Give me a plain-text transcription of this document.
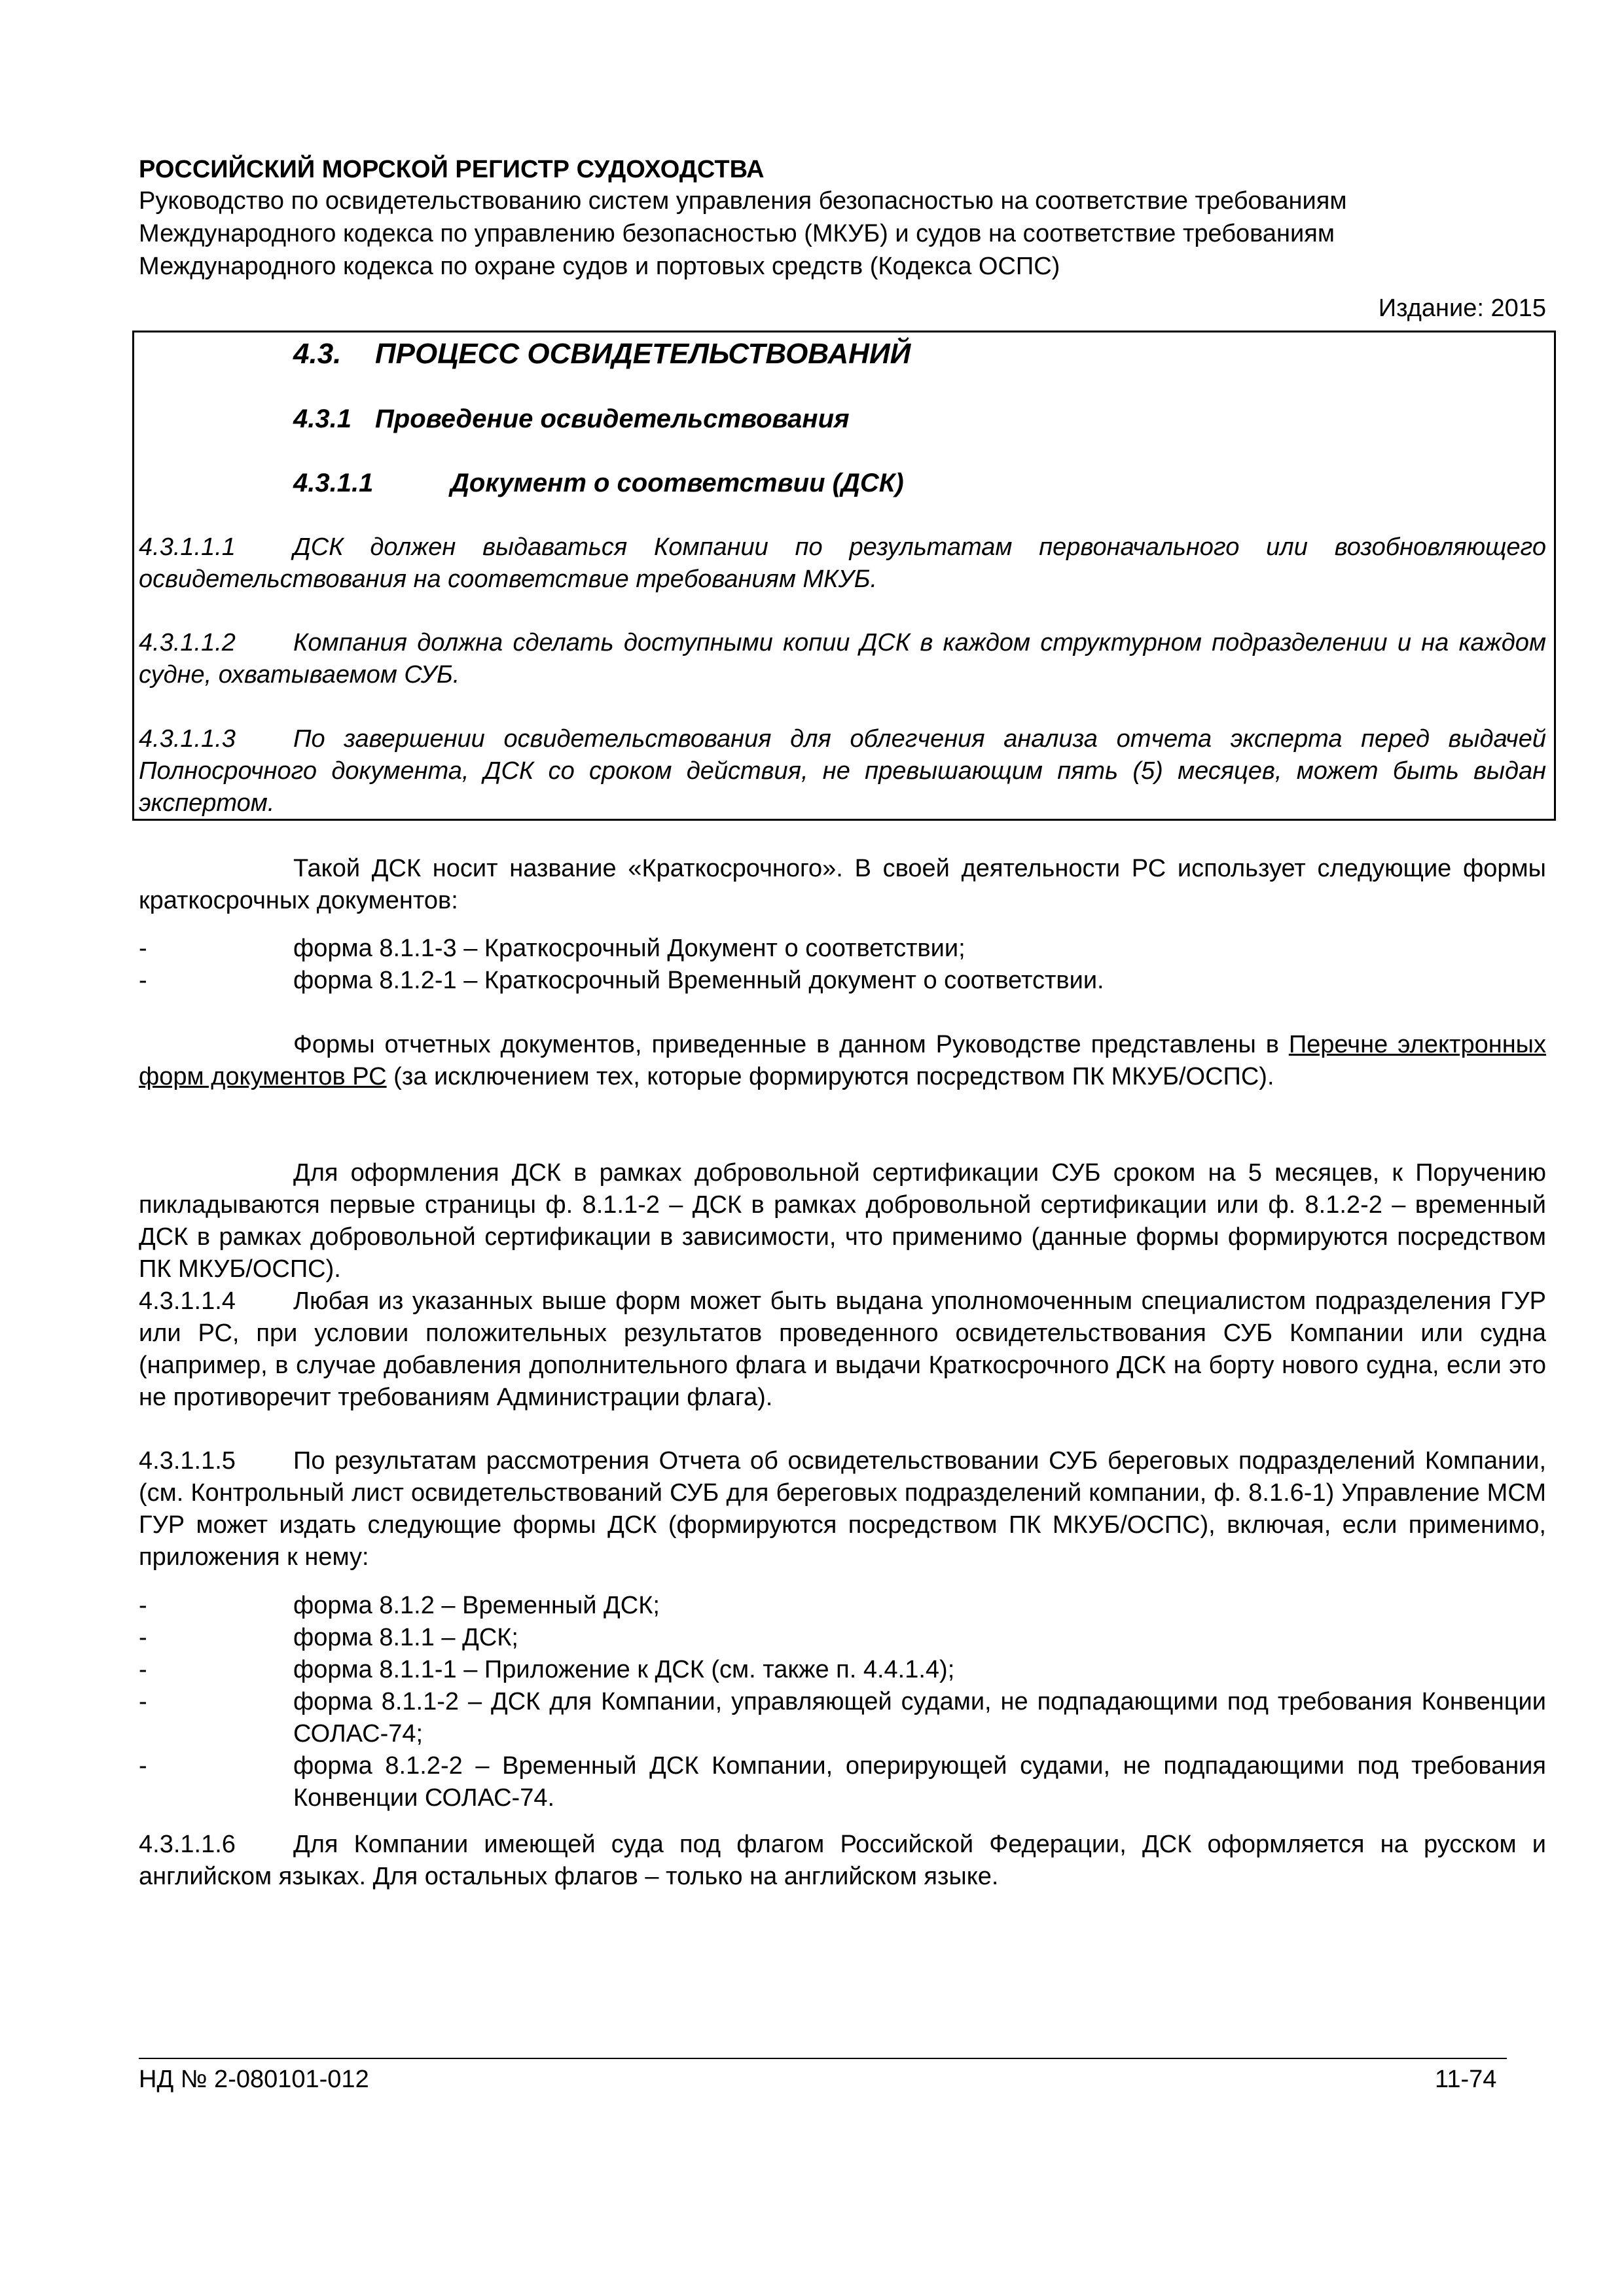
РОССИЙСКИЙ МОРСКОЙ РЕГИСТР СУДОХОДСТВА
Руководство по освидетельствованию систем управления безопасностью на соответствие требованиям
Международного кодекса по управлению безопасностью (МКУБ) и судов на соответствие требованиям
Международного кодекса по охране судов и портовых средств (Кодекса ОСПС)
Издание: 2015
4.3. ПРОЦЕСС ОСВИДЕТЕЛЬСТВОВАНИЙ
4.3.1 Проведение освидетельствования
4.3.1.1	Документ о соответствии (ДСК)
4.3.1.1.1 ДСК должен выдаваться Компании по результатам первоначального или возобновляющего освидетельствования на соответствие требованиям МКУБ.
4.3.1.1.2 Компания должна сделать доступными копии ДСК в каждом структурном подразделении и на каждом судне, охватываемом СУБ.
4.3.1.1.3 По завершении освидетельствования для облегчения анализа отчета эксперта перед выдачей Полносрочного документа, ДСК со сроком действия, не превышающим пять (5) месяцев, может быть выдан экспертом.
Такой ДСК носит название «Краткосрочного». В своей деятельности РС использует следующие формы краткосрочных документов:
-	форма 8.1.1-3 – Краткосрочный Документ о соответствии;
-	форма 8.1.2-1 – Краткосрочный Временный документ о соответствии.
Формы отчетных документов, приведенные в данном Руководстве представлены в Перечне электронных форм документов РС (за исключением тех, которые формируются посредством ПК МКУБ/ОСПС).
Для оформления ДСК в рамках добровольной сертификации СУБ сроком на 5 месяцев, к Поручению пикладываются первые страницы ф. 8.1.1-2 – ДСК в рамках добровольной сертификации или ф. 8.1.2-2 – временный ДСК в рамках добровольной сертификации в зависимости, что применимо (данные формы формируются посредством ПК МКУБ/ОСПС).
4.3.1.1.4 Любая из указанных выше форм может быть выдана уполномоченным специалистом подразделения ГУР или РС, при условии положительных результатов проведенного освидетельствования СУБ Компании или судна (например, в случае добавления дополнительного флага и выдачи Краткосрочного ДСК на борту нового судна, если это не противоречит требованиям Администрации флага).
4.3.1.1.5 По результатам рассмотрения Отчета об освидетельствовании СУБ береговых подразделений Компании, (см. Контрольный лист освидетельствований СУБ для береговых подразделений компании, ф. 8.1.6-1) Управление МСМ ГУР может издать следующие формы ДСК (формируются посредством ПК МКУБ/ОСПС), включая, если применимо, приложения к нему:
-	форма 8.1.2 – Временный ДСК;
-	форма 8.1.1 – ДСК;
-	форма 8.1.1-1 – Приложение к ДСК (см. также п. 4.4.1.4);
-	форма 8.1.1-2 – ДСК для Компании, управляющей судами, не подпадающими под требования Конвенции СОЛАС-74;
-	форма 8.1.2-2 – Временный ДСК Компании, оперирующей судами, не подпадающими под требования Конвенции СОЛАС-74.
4.3.1.1.6 Для Компании имеющей суда под флагом Российской Федерации, ДСК оформляется на русском и английском языках. Для остальных флагов – только на английском языке.
НД № 2-080101-012	11-74
